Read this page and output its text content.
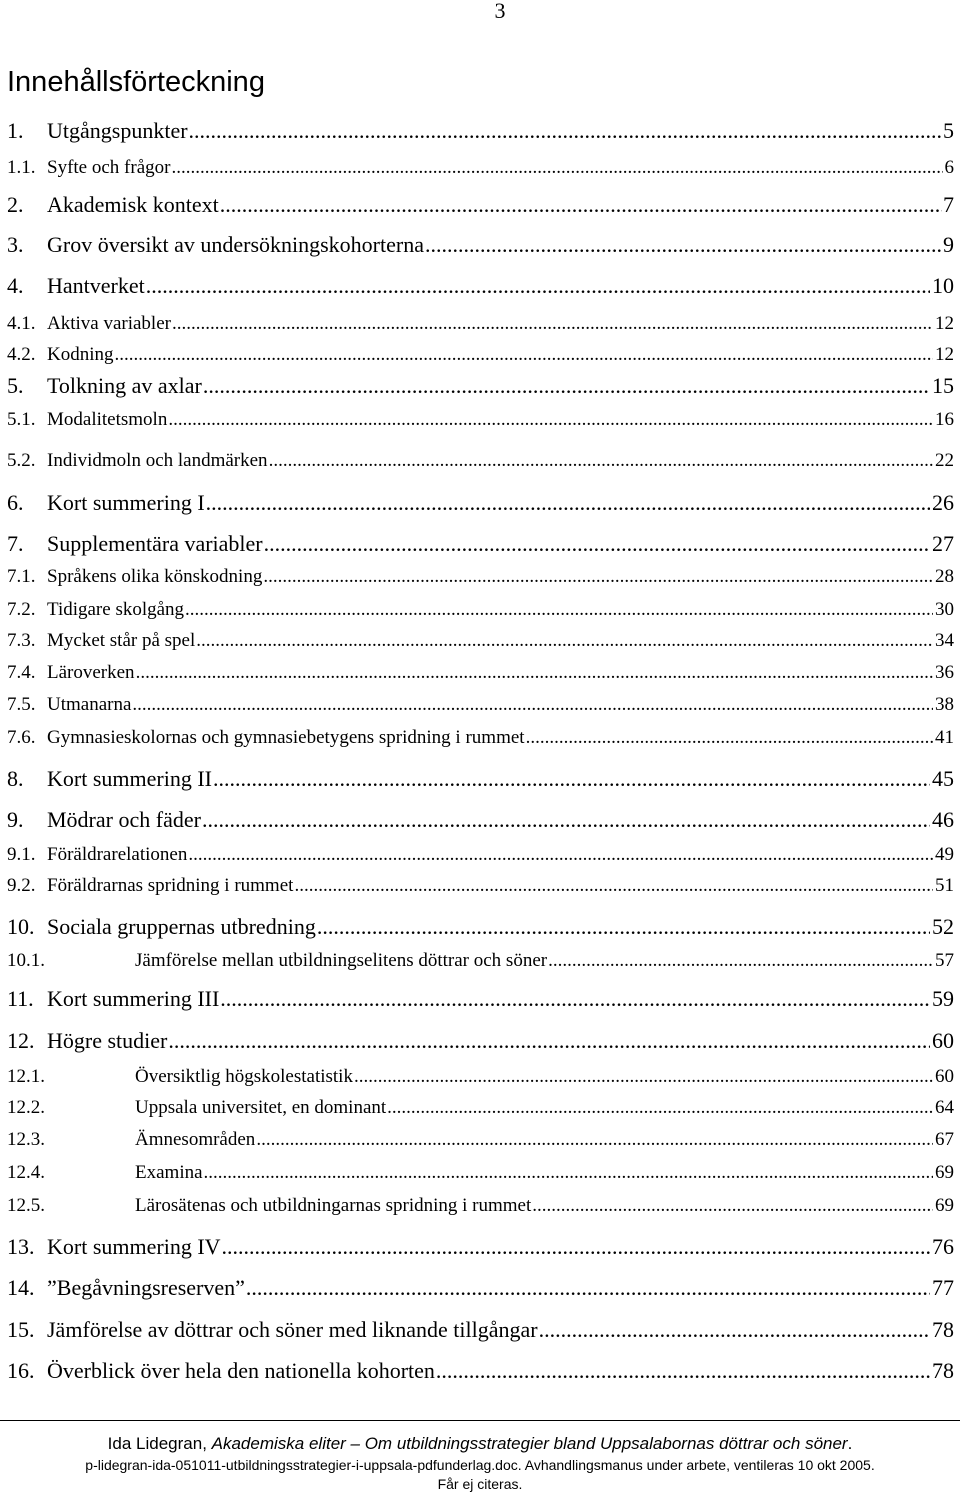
3
Innehållsförteckning
1. Utgångspunkter .....	5
1.1. Syfte och frågor .....	6
2. Akademisk kontext .....	7
3. Grov översikt av undersökningskohorterna .....	9
4. Hantverket .....	10
4.1. Aktiva variabler .....	12
4.2. Kodning .....	12
5. Tolkning av axlar .....	15
5.1. Modalitetsmoln .....	16
5.2. Individmoln och landmärken .....	22
6. Kort summering I .....	26
7. Supplementära variabler .....	27
7.1. Språkens olika könskodning .....	28
7.2. Tidigare skolgång .....	30
7.3. Mycket står på spel .....	34
7.4. Läroverken .....	36
7.5. Utmanarna .....	38
7.6. Gymnasieskolornas och gymnasiebetygens spridning i rummet .....	41
8. Kort summering II .....	45
9. Mödrar och fäder .....	46
9.1. Föräldrarelationen .....	49
9.2. Föräldrarnas spridning i rummet .....	51
10. Sociala gruppernas utbredning .....	52
10.1.	Jämförelse mellan utbildningselitens döttrar och söner .....	57
11. Kort summering III .....	59
12. Högre studier .....	60
12.1.	Översiktlig högskolestatistik .....	60
12.2.	Uppsala universitet, en dominant .....	64
12.3.	Ämnesområden .....	67
12.4.	Examina .....	69
12.5.	Lärosätenas och utbildningarnas spridning i rummet .....	69
13. Kort summering IV .....	76
14. ”Begåvningsreserven” .....	77
15. Jämförelse av döttrar och söner med liknande tillgångar .....	78
16. Överblick över hela den nationella kohorten .....	78
Ida Lidegran, Akademiska eliter – Om utbildningsstrategier bland Uppsalabornas döttrar och söner.
p-lidegran-ida-051011-utbildningsstrategier-i-uppsala-pdfunderlag.doc. Avhandlingsmanus under arbete, ventileras 10 okt 2005.
Får ej citeras.
